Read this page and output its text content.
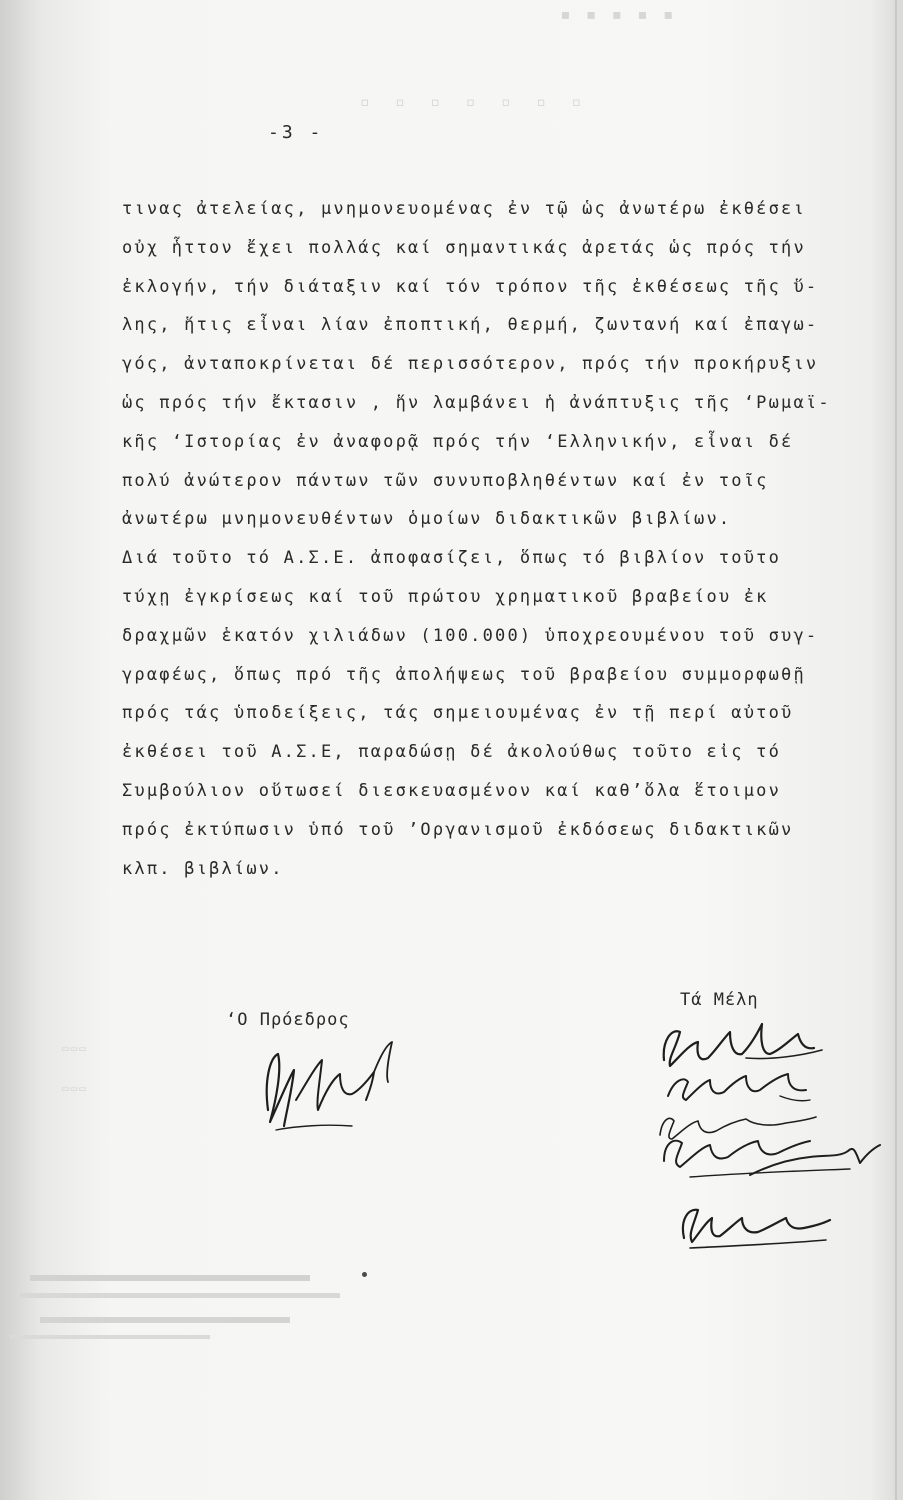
▪ ▪ ▪ ▪ ▪
▫ ▫ ▫ ▫ ▫ ▫ ▫
▭▭▭
▭▭▭
-3 -
τινας ἀτελείας, μνημονευομένας ἐν τῷ ὡς ἀνωτέρω ἐκθέσει
οὐχ ἧττον ἔχει πολλάς καί σημαντικάς ἀρετάς ὡς πρός τήν
ἐκλογήν, τήν διάταξιν καί τόν τρόπον τῆς ἐκθέσεως τῆς ὕ-
λης, ἥτις εἶναι λίαν ἐποπτική, θερμή, ζωντανή καί ἐπαγω-
γός, ἀνταποκρίνεται δέ περισσότερον, πρός τήν προκήρυξιν
ὡς πρός τήν ἔκτασιν , ἥν λαμβάνει ἡ ἀνάπτυξις τῆς ‘Ρωμαϊ-
κῆς ‘Ιστορίας ἐν ἀναφορᾷ πρός τήν ‘Ελληνικήν, εἶναι δέ
πολύ ἀνώτερον πάντων τῶν συνυποβληθέντων καί ἐν τοῖς
ἀνωτέρω μνημονευθέντων ὁμοίων διδακτικῶν βιβλίων.
Διά τοῦτο τό Α.Σ.Ε. ἀποφασίζει, ὅπως τό βιβλίον τοῦτο
τύχῃ ἐγκρίσεως καί τοῦ πρώτου χρηματικοῦ βραβείου ἐκ
δραχμῶν ἑκατόν χιλιάδων (100.000) ὑποχρεουμένου τοῦ συγ-
γραφέως, ὅπως πρό τῆς ἀπολήψεως τοῦ βραβείου συμμορφωθῇ
πρός τάς ὑποδείξεις, τάς σημειουμένας ἐν τῇ περί αὐτοῦ
ἐκθέσει τοῦ Α.Σ.Ε, παραδώσῃ δέ ἀκολούθως τοῦτο εἰς τό
Συμβούλιον οὕτωσεί διεσκευασμένον καί καθ’ὅλα ἕτοιμον
πρός ἐκτύπωσιν ὑπό τοῦ ’Οργανισμοῦ ἐκδόσεως διδακτικῶν
κλπ. βιβλίων.
‘Ο Πρόεδρος
Τά Μέλη
